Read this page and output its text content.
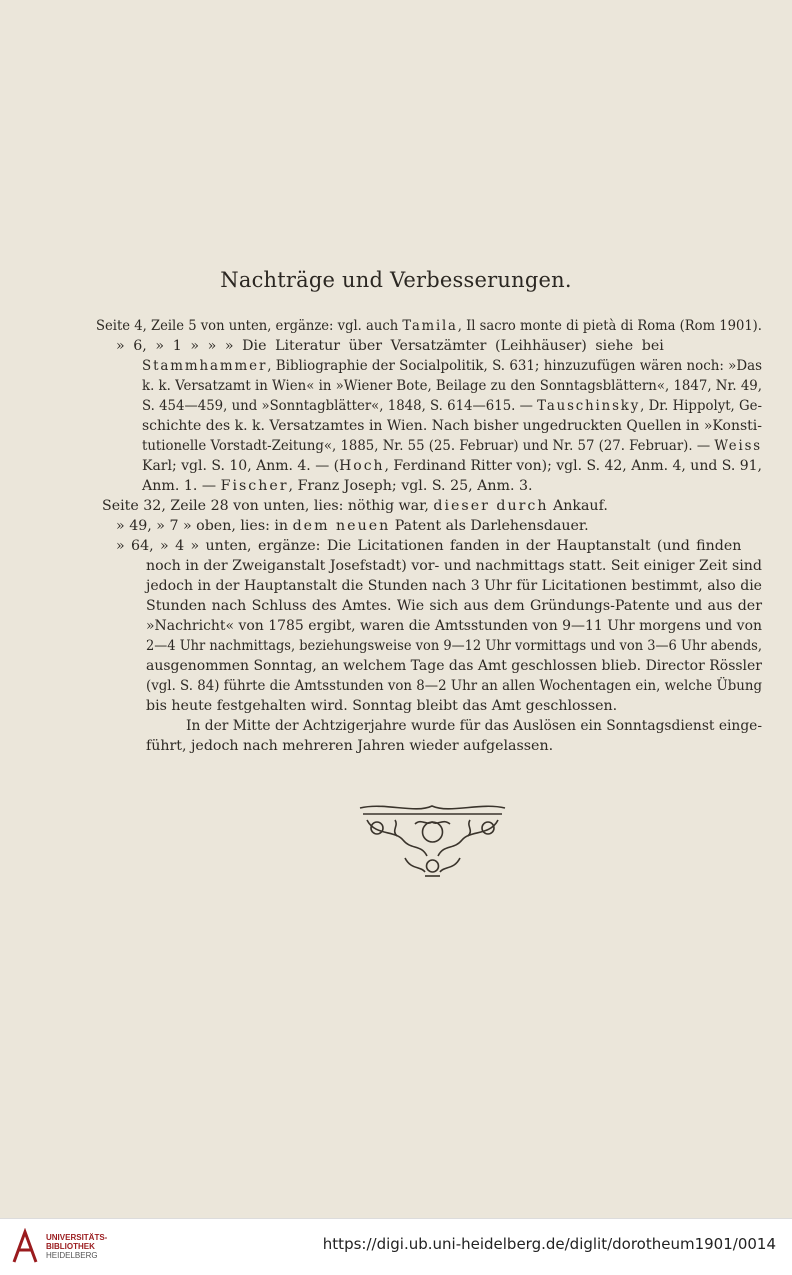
Nachträge und Verbesserungen.
Seite 4, Zeile 5 von unten, ergänze: vgl. auch Tamila, Il sacro monte di pietà di Roma (Rom 1901).
» 6, » 1 » » » Die Literatur über Versatzämter (Leihhäuser) siehe bei
Stammhammer, Bibliographie der Socialpolitik, S. 631; hinzuzufügen wären noch: »Das
k. k. Versatzamt in Wien« in »Wiener Bote, Beilage zu den Sonntagsblättern«, 1847, Nr. 49,
S. 454—459, und »Sonntagblätter«, 1848, S. 614—615. — Tauschinsky, Dr. Hippolyt, Ge-
schichte des k. k. Versatzamtes in Wien. Nach bisher ungedruckten Quellen in »Konsti-
tutionelle Vorstadt-Zeitung«, 1885, Nr. 55 (25. Februar) und Nr. 57 (27. Februar). — Weiss
Karl; vgl. S. 10, Anm. 4. — (Hoch, Ferdinand Ritter von); vgl. S. 42, Anm. 4, und S. 91,
Anm. 1. — Fischer, Franz Joseph; vgl. S. 25, Anm. 3.
Seite 32, Zeile 28 von unten, lies: nöthig war, dieser durch Ankauf.
» 49, » 7 » oben, lies: in dem neuen Patent als Darlehensdauer.
» 64, » 4 » unten, ergänze: Die Licitationen fanden in der Hauptanstalt (und finden
noch in der Zweiganstalt Josefstadt) vor- und nachmittags statt. Seit einiger Zeit sind
jedoch in der Hauptanstalt die Stunden nach 3 Uhr für Licitationen bestimmt, also die
Stunden nach Schluss des Amtes. Wie sich aus dem Gründungs-Patente und aus der
»Nachricht« von 1785 ergibt, waren die Amtsstunden von 9—11 Uhr morgens und von
2—4 Uhr nachmittags, beziehungsweise von 9—12 Uhr vormittags und von 3—6 Uhr abends,
ausgenommen Sonntag, an welchem Tage das Amt geschlossen blieb. Director Rössler
(vgl. S. 84) führte die Amtsstunden von 8—2 Uhr an allen Wochentagen ein, welche Übung
bis heute festgehalten wird. Sonntag bleibt das Amt geschlossen.
In der Mitte der Achtzigerjahre wurde für das Auslösen ein Sonntagsdienst einge-
führt, jedoch nach mehreren Jahren wieder aufgelassen.
UNIVERSITÄTS-
BIBLIOTHEK
HEIDELBERG
https://digi.ub.uni-heidelberg.de/diglit/dorotheum1901/0014
